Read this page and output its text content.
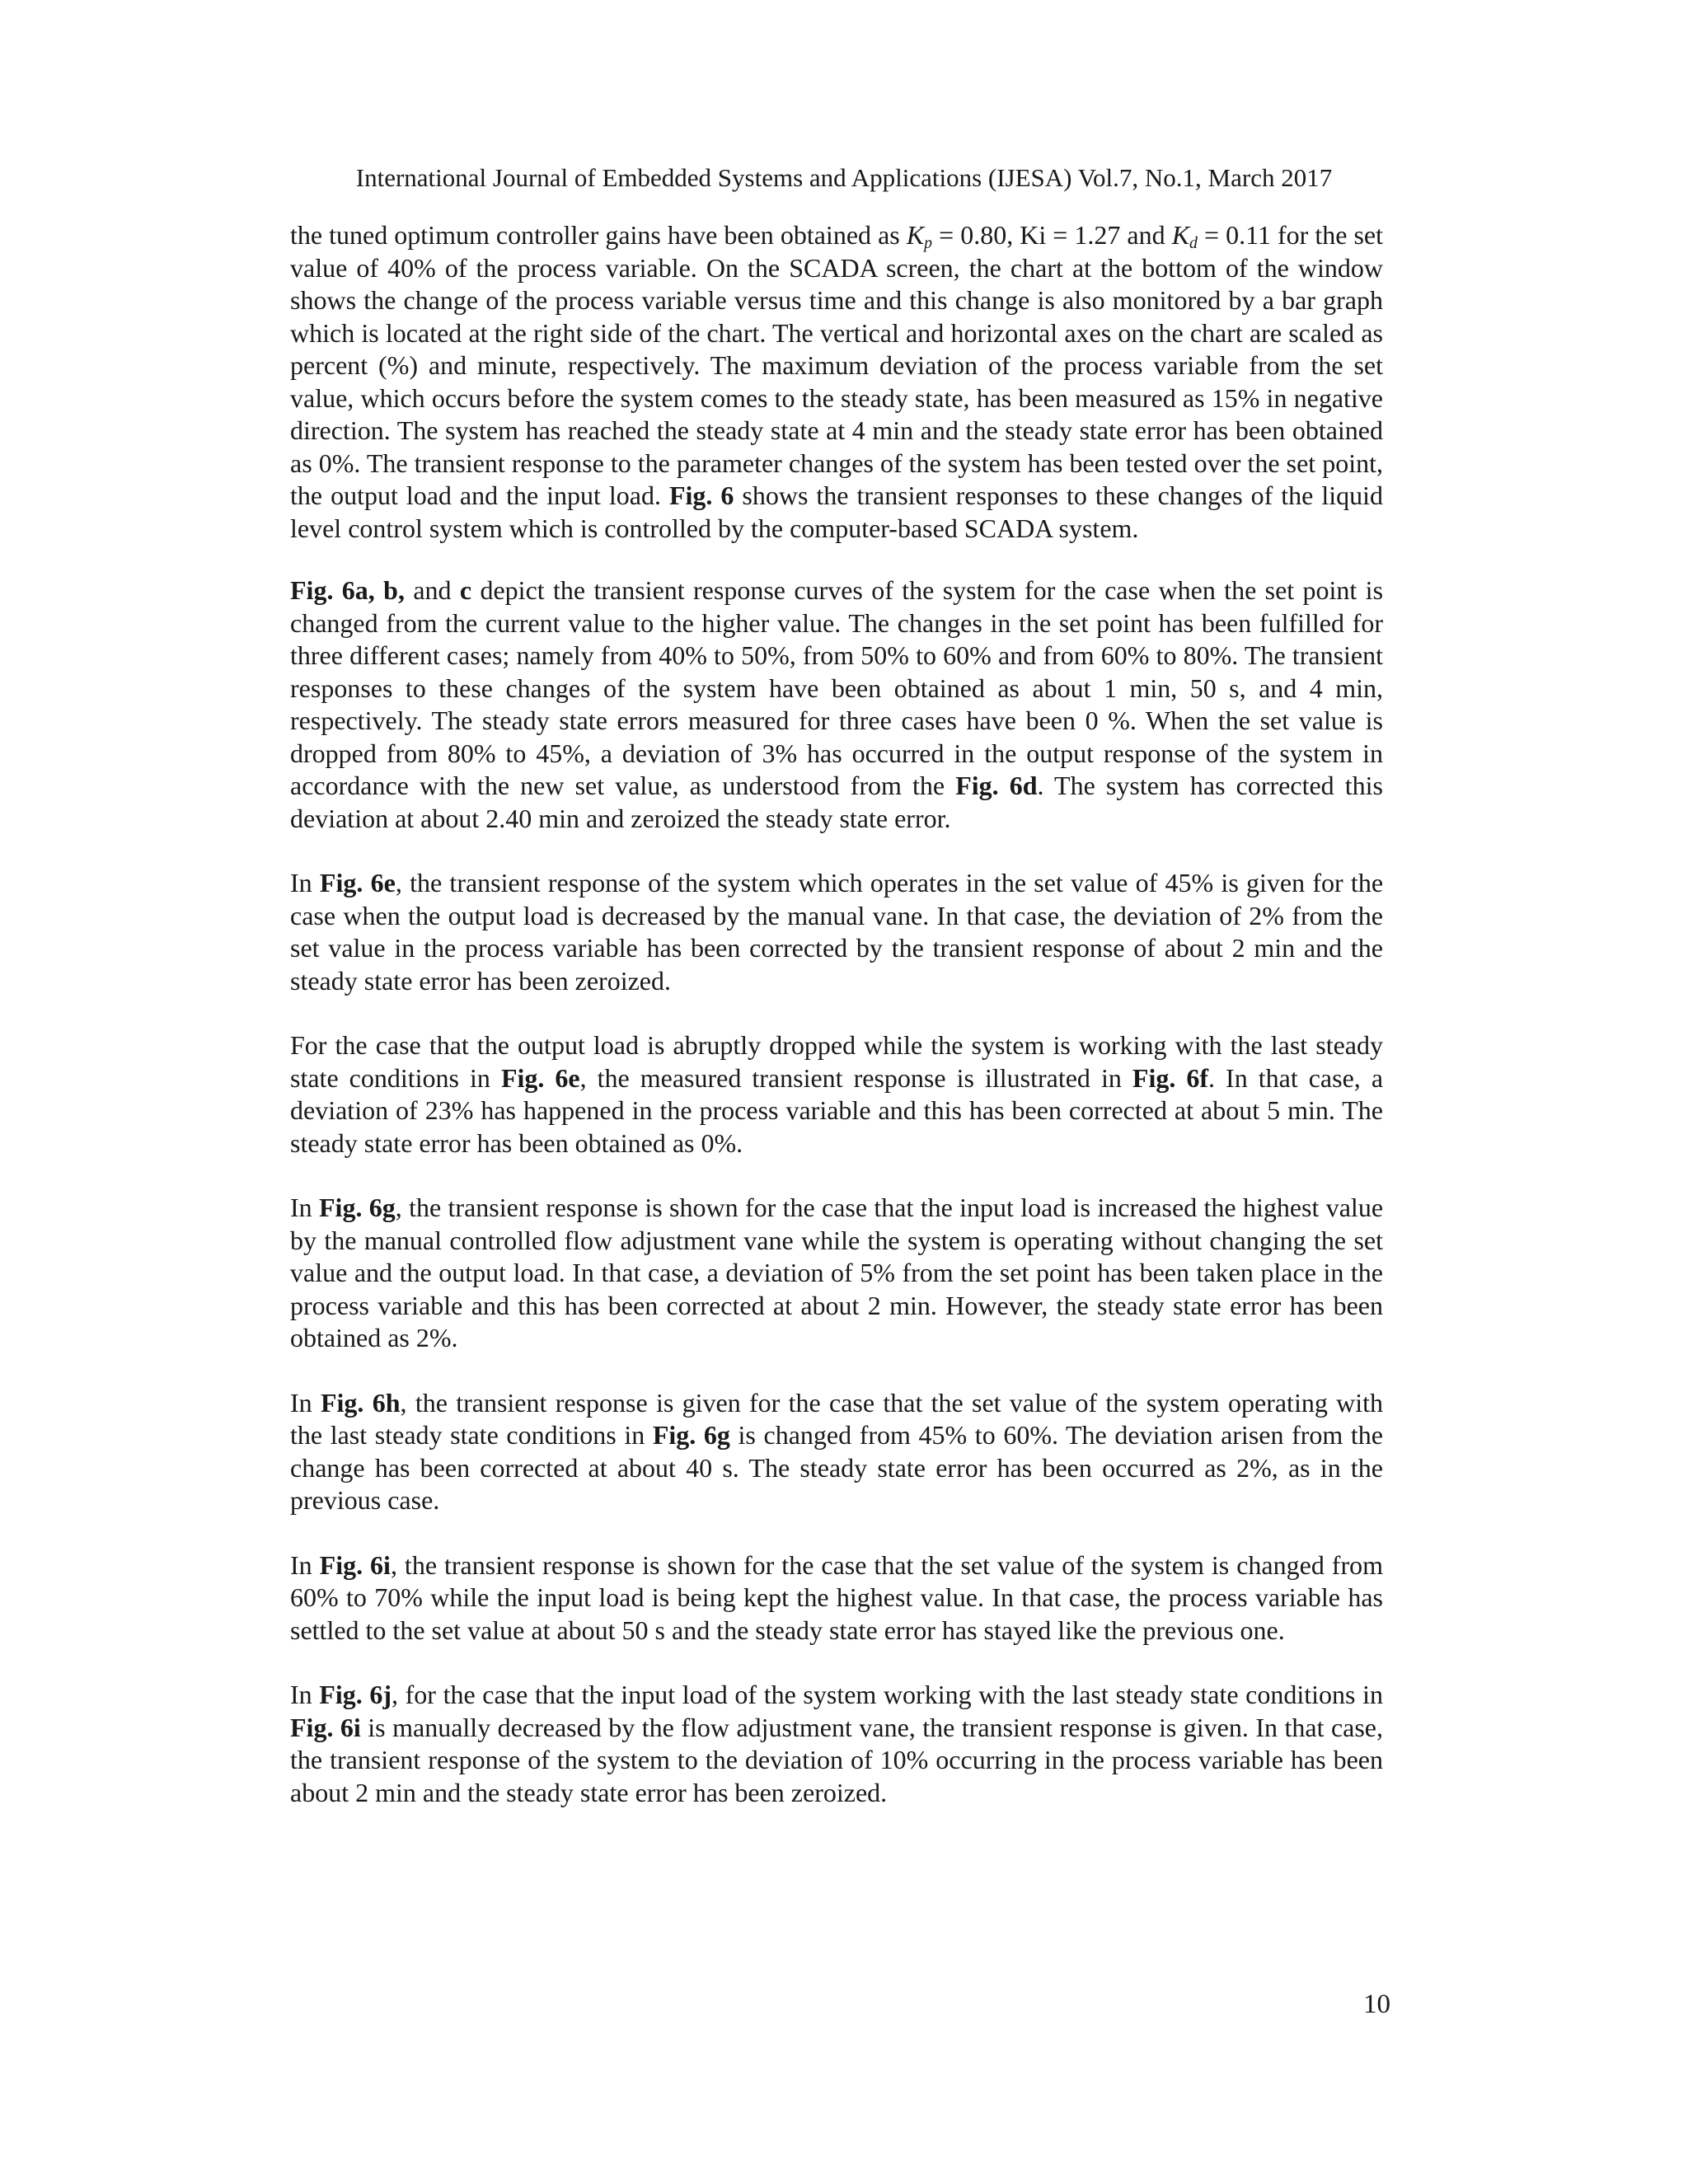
International Journal of Embedded Systems and Applications (IJESA) Vol.7, No.1, March 2017

the tuned optimum controller gains have been obtained as $K_p = 0.80$, Ki = 1.27 and $K_d = 0.11$ for the set value of 40% of the process variable. On the SCADA screen, the chart at the bottom of the window shows the change of the process variable versus time and this change is also monitored by a bar graph which is located at the right side of the chart. The vertical and horizontal axes on the chart are scaled as percent (%) and minute, respectively. The maximum deviation of the process variable from the set value, which occurs before the system comes to the steady state, has been measured as 15% in negative direction. The system has reached the steady state at 4 min and the steady state error has been obtained as 0%. The transient response to the parameter changes of the system has been tested over the set point, the output load and the input load. Fig. 6 shows the transient responses to these changes of the liquid level control system which is controlled by the computer-based SCADA system.

Fig. 6a, b, and c depict the transient response curves of the system for the case when the set point is changed from the current value to the higher value. The changes in the set point has been fulfilled for three different cases; namely from 40% to 50%, from 50% to 60% and from 60% to 80%. The transient responses to these changes of the system have been obtained as about 1 min, 50 s, and 4 min, respectively. The steady state errors measured for three cases have been 0 %. When the set value is dropped from 80% to 45%, a deviation of 3% has occurred in the output response of the system in accordance with the new set value, as understood from the Fig. 6d. The system has corrected this deviation at about 2.40 min and zeroized the steady state error.

In Fig. 6e, the transient response of the system which operates in the set value of 45% is given for the case when the output load is decreased by the manual vane. In that case, the deviation of 2% from the set value in the process variable has been corrected by the transient response of about 2 min and the steady state error has been zeroized.

For the case that the output load is abruptly dropped while the system is working with the last steady state conditions in Fig. 6e, the measured transient response is illustrated in Fig. 6f. In that case, a deviation of 23% has happened in the process variable and this has been corrected at about 5 min. The steady state error has been obtained as 0%.

In Fig. 6g, the transient response is shown for the case that the input load is increased the highest value by the manual controlled flow adjustment vane while the system is operating without changing the set value and the output load. In that case, a deviation of 5% from the set point has been taken place in the process variable and this has been corrected at about 2 min. However, the steady state error has been obtained as 2%.

In Fig. 6h, the transient response is given for the case that the set value of the system operating with the last steady state conditions in Fig. 6g is changed from 45% to 60%. The deviation arisen from the change has been corrected at about 40 s. The steady state error has been occurred as 2%, as in the previous case.

In Fig. 6i, the transient response is shown for the case that the set value of the system is changed from 60% to 70% while the input load is being kept the highest value. In that case, the process variable has settled to the set value at about 50 s and the steady state error has stayed like the previous one.

In Fig. 6j, for the case that the input load of the system working with the last steady state conditions in Fig. 6i is manually decreased by the flow adjustment vane, the transient response is given. In that case, the transient response of the system to the deviation of 10% occurring in the process variable has been about 2 min and the steady state error has been zeroized.

10
